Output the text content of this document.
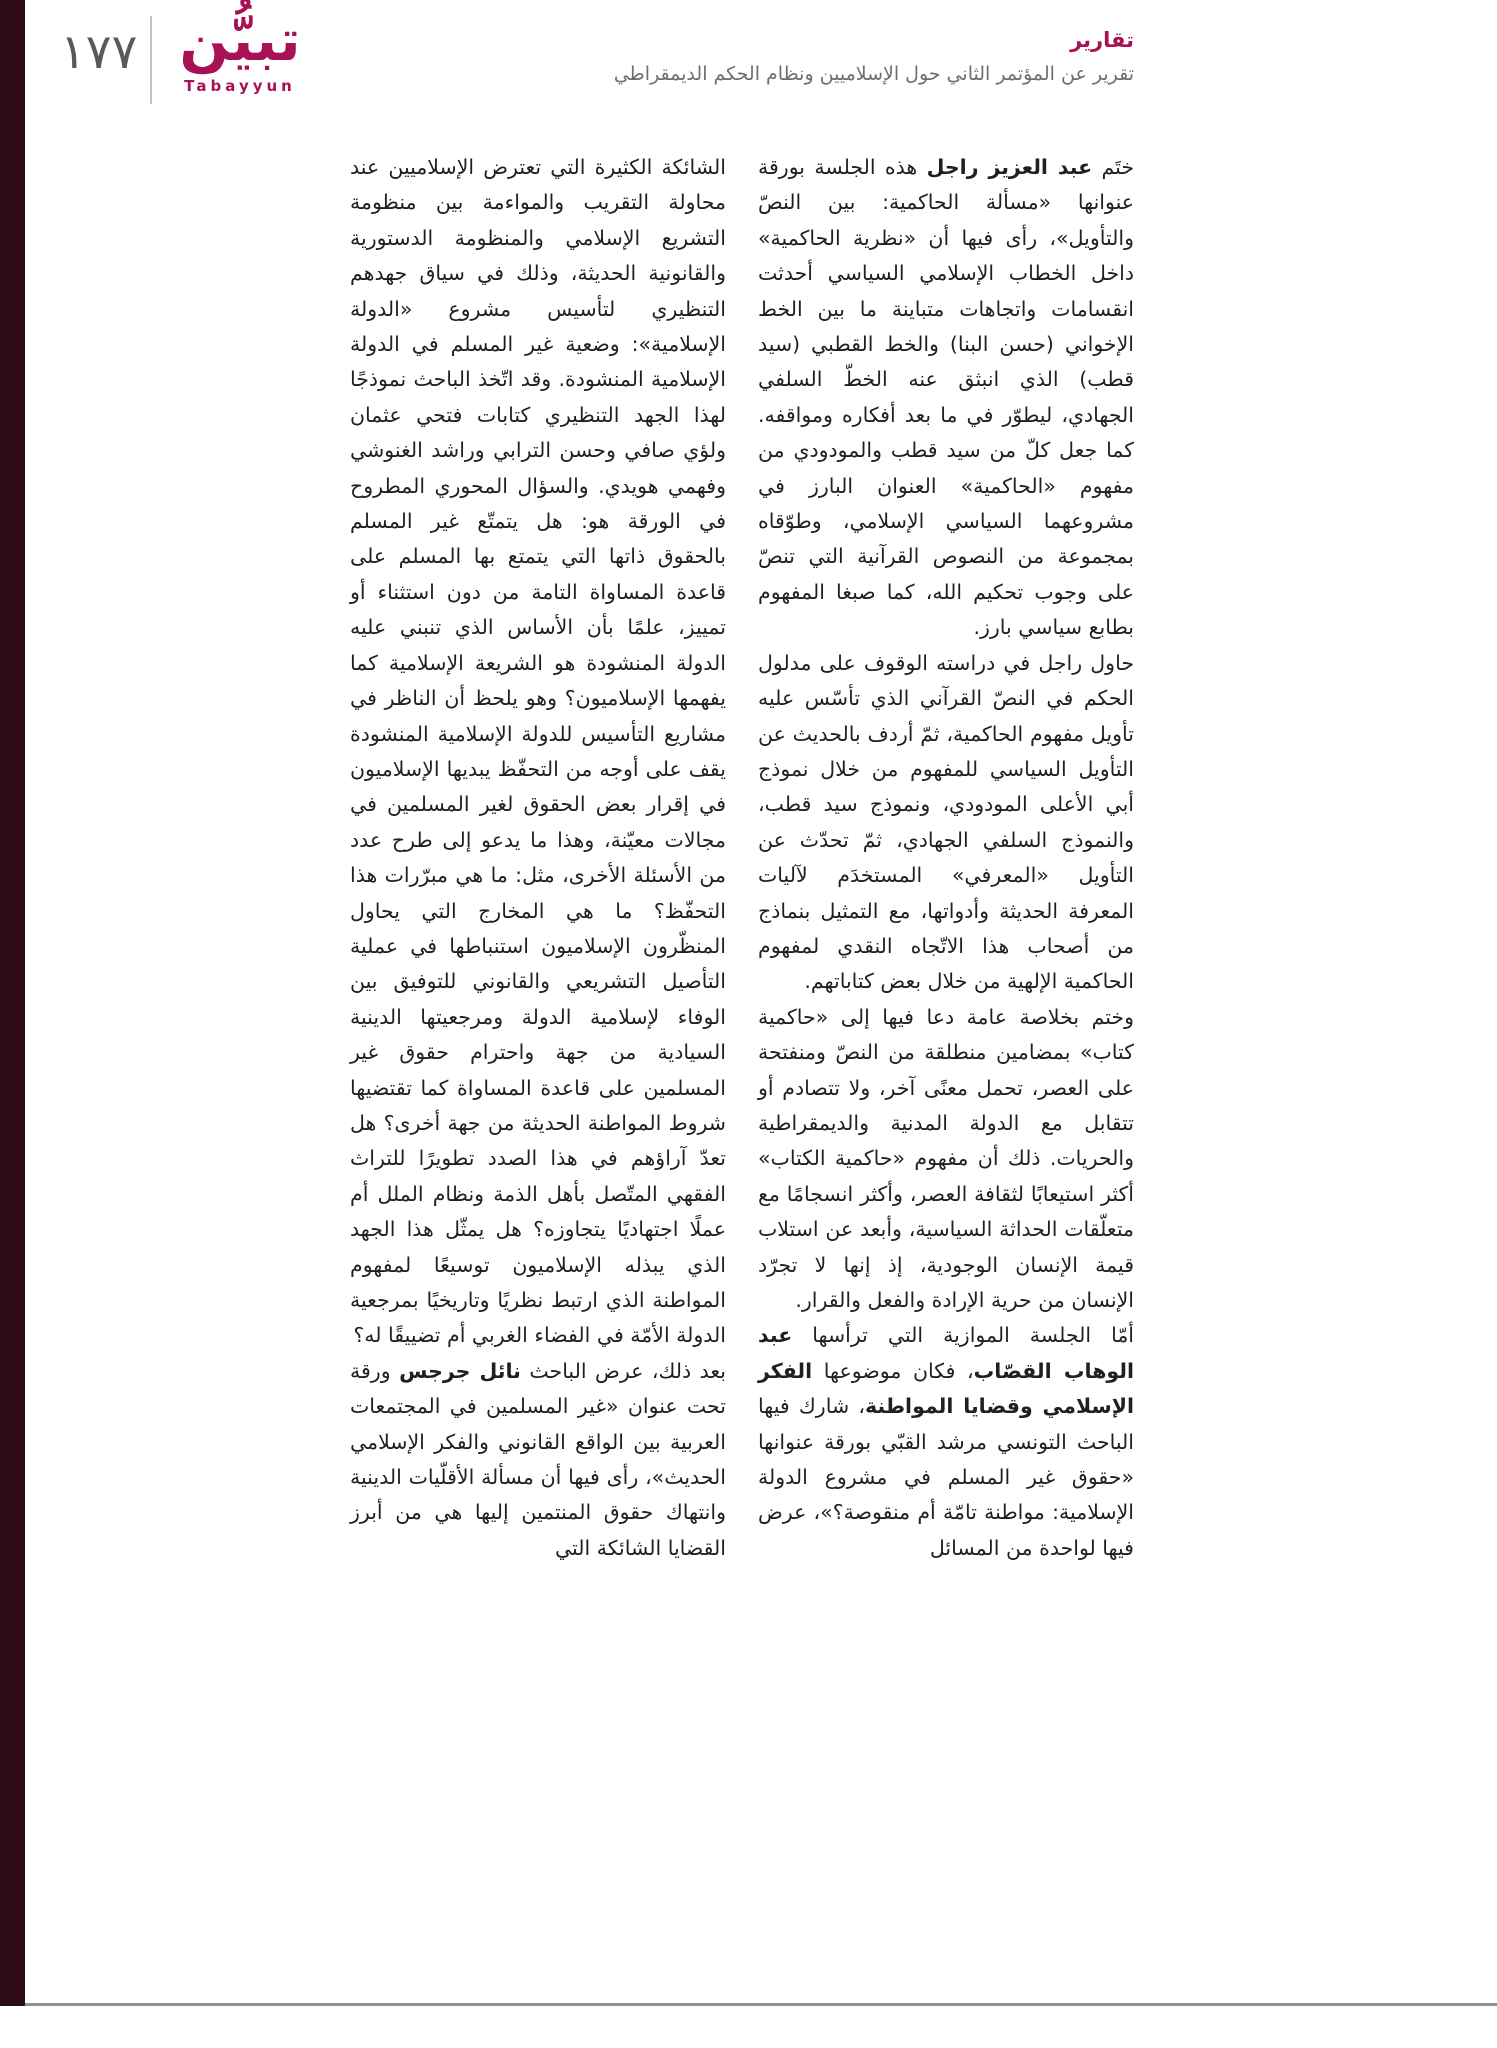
١٧٧ تبيُّن
Tabayyun
تقارير
تقرير عن المؤتمر الثاني حول الإسلاميين ونظام الحكم الديمقراطي

ختَم عبد العزيز راجل هذه الجلسة بورقة عنوانها «مسألة الحاكمية: بين النصّ والتأويل»، رأى فيها أن «نظرية الحاكمية» داخل الخطاب الإسلامي السياسي أحدثت انقسامات واتجاهات متباينة ما بين الخط الإخواني (حسن البنا) والخط القطبي (سيد قطب) الذي انبثق عنه الخطّ السلفي الجهادي، ليطوّر في ما بعد أفكاره ومواقفه. كما جعل كلّ من سيد قطب والمودودي من مفهوم «الحاكمية» العنوان البارز في مشروعهما السياسي الإسلامي، وطوّقاه بمجموعة من النصوص القرآنية التي تنصّ على وجوب تحكيم الله، كما صبغا المفهوم بطابع سياسي بارز.

حاول راجل في دراسته الوقوف على مدلول الحكم في النصّ القرآني الذي تأسّس عليه تأويل مفهوم الحاكمية، ثمّ أردف بالحديث عن التأويل السياسي للمفهوم من خلال نموذج أبي الأعلى المودودي، ونموذج سيد قطب، والنموذج السلفي الجهادي، ثمّ تحدّث عن التأويل «المعرفي» المستخدَم لآليات المعرفة الحديثة وأدواتها، مع التمثيل بنماذج من أصحاب هذا الاتّجاه النقدي لمفهوم الحاكمية الإلهية من خلال بعض كتاباتهم.

وختم بخلاصة عامة دعا فيها إلى «حاكمية كتاب» بمضامين منطلقة من النصّ ومنفتحة على العصر، تحمل معنًى آخر، ولا تتصادم أو تتقابل مع الدولة المدنية والديمقراطية والحريات. ذلك أن مفهوم «حاكمية الكتاب» أكثر استيعابًا لثقافة العصر، وأكثر انسجامًا مع متعلّقات الحداثة السياسية، وأبعد عن استلاب قيمة الإنسان الوجودية، إذ إنها لا تجرّد الإنسان من حرية الإرادة والفعل والقرار.

أمّا الجلسة الموازية التي ترأسها عبد الوهاب القصّاب، فكان موضوعها الفكر الإسلامي وقضايا المواطنة، شارك فيها الباحث التونسي مرشد القبّي بورقة عنوانها «حقوق غير المسلم في مشروع الدولة الإسلامية: مواطنة تامّة أم منقوصة؟»، عرض فيها لواحدة من المسائل

الشائكة الكثيرة التي تعترض الإسلاميين عند محاولة التقريب والمواءمة بين منظومة التشريع الإسلامي والمنظومة الدستورية والقانونية الحديثة، وذلك في سياق جهدهم التنظيري لتأسيس مشروع «الدولة الإسلامية»: وضعية غير المسلم في الدولة الإسلامية المنشودة. وقد اتّخذ الباحث نموذجًا لهذا الجهد التنظيري كتابات فتحي عثمان ولؤي صافي وحسن الترابي وراشد الغنوشي وفهمي هويدي. والسؤال المحوري المطروح في الورقة هو: هل يتمتّع غير المسلم بالحقوق ذاتها التي يتمتع بها المسلم على قاعدة المساواة التامة من دون استثناء أو تمييز، علمًا بأن الأساس الذي تنبني عليه الدولة المنشودة هو الشريعة الإسلامية كما يفهمها الإسلاميون؟ وهو يلحظ أن الناظر في مشاريع التأسيس للدولة الإسلامية المنشودة يقف على أوجه من التحفّظ يبديها الإسلاميون في إقرار بعض الحقوق لغير المسلمين في مجالات معيّنة، وهذا ما يدعو إلى طرح عدد من الأسئلة الأخرى، مثل: ما هي مبرّرات هذا التحفّظ؟ ما هي المخارج التي يحاول المنظّرون الإسلاميون استنباطها في عملية التأصيل التشريعي والقانوني للتوفيق بين الوفاء لإسلامية الدولة ومرجعيتها الدينية السيادية من جهة واحترام حقوق غير المسلمين على قاعدة المساواة كما تقتضيها شروط المواطنة الحديثة من جهة أخرى؟ هل تعدّ آراؤهم في هذا الصدد تطويرًا للتراث الفقهي المتّصل بأهل الذمة ونظام الملل أم عملًا اجتهاديًا يتجاوزه؟ هل يمثّل هذا الجهد الذي يبذله الإسلاميون توسيعًا لمفهوم المواطنة الذي ارتبط نظريًا وتاريخيًا بمرجعية الدولة الأمّة في الفضاء الغربي أم تضييقًا له؟

بعد ذلك، عرض الباحث نائل جرجس ورقة تحت عنوان «غير المسلمين في المجتمعات العربية بين الواقع القانوني والفكر الإسلامي الحديث»، رأى فيها أن مسألة الأقلّيات الدينية وانتهاك حقوق المنتمين إليها هي من أبرز القضايا الشائكة التي
